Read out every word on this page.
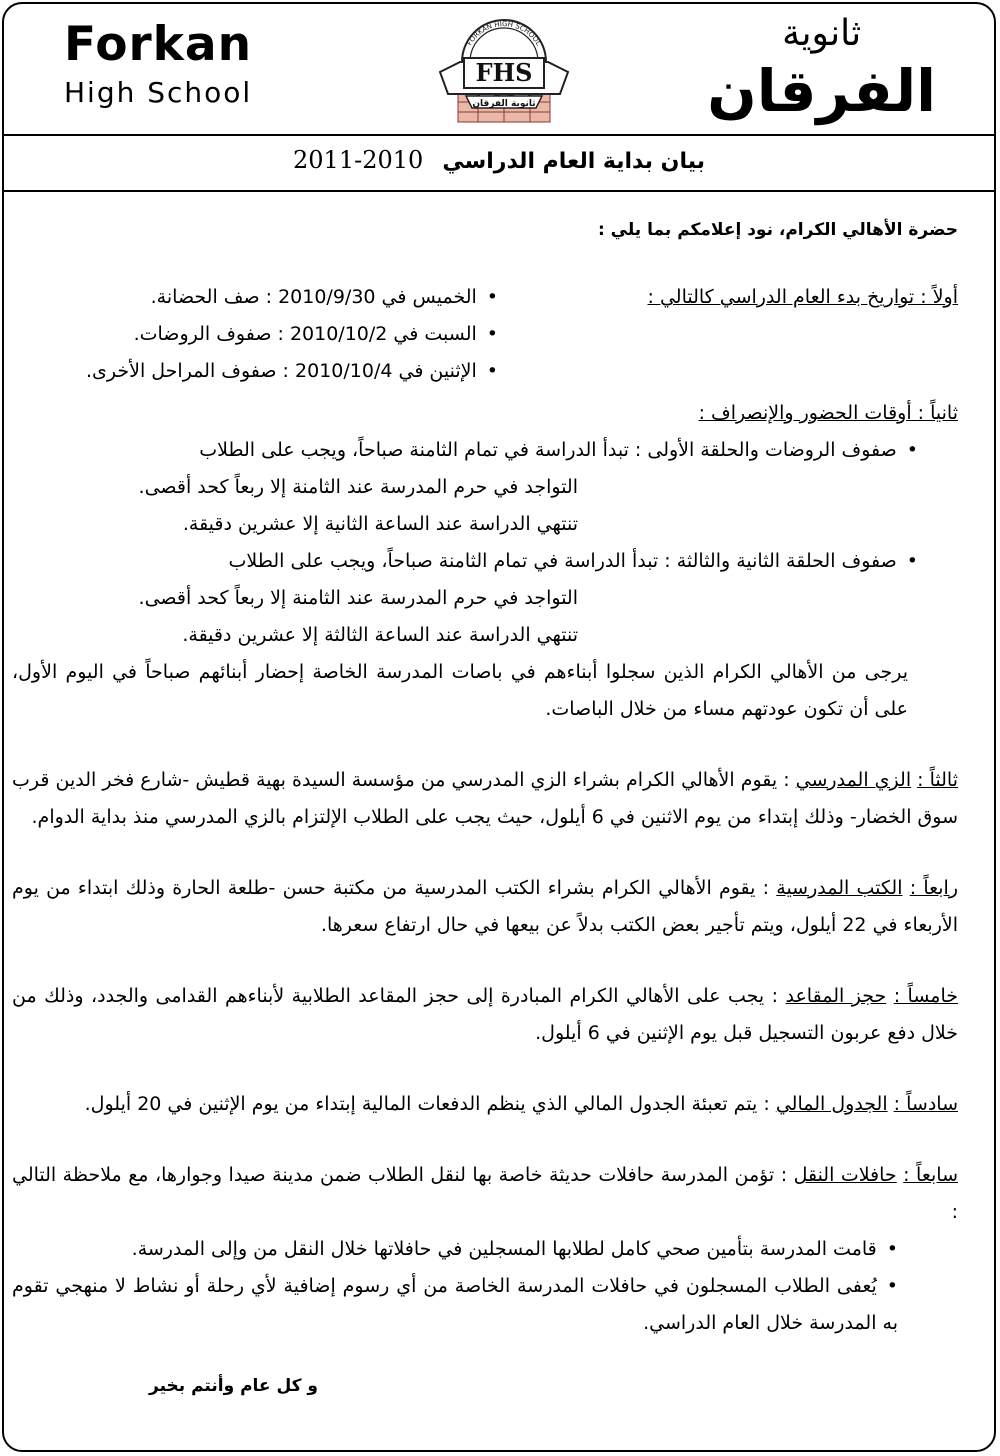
Forkan
High School
FHS
FORKAN HIGH SCHOOL
ثانوية الفرقان
ثانوية
الفرقان
2011-2010 بيان بداية العام الدراسي

حضرة الأهالي الكرام، نود إعلامكم بما يلي :

أولاً : تواريخ بدء العام الدراسي كالتالي :
• الخميس في 2010/9/30 : صف الحضانة.
• السبت في 2010/10/2 : صفوف الروضات.
• الإثنين في 2010/10/4 : صفوف المراحل الأخرى.
ثانياً : أوقات الحضور والإنصراف :
• صفوف الروضات والحلقة الأولى : تبدأ الدراسة في تمام الثامنة صباحاً، ويجب على الطلاب
التواجد في حرم المدرسة عند الثامنة إلا ربعاً كحد أقصى.
تنتهي الدراسة عند الساعة الثانية إلا عشرين دقيقة.
• صفوف الحلقة الثانية والثالثة : تبدأ الدراسة في تمام الثامنة صباحاً، ويجب على الطلاب
التواجد في حرم المدرسة عند الثامنة إلا ربعاً كحد أقصى.
تنتهي الدراسة عند الساعة الثالثة إلا عشرين دقيقة.

يرجى من الأهالي الكرام الذين سجلوا أبناءهم في باصات المدرسة الخاصة إحضار أبنائهم صباحاً في اليوم الأول، على أن تكون عودتهم مساء من خلال الباصات.

ثالثاً : الزي المدرسي : يقوم الأهالي الكرام بشراء الزي المدرسي من مؤسسة السيدة بهية قطيش -شارع فخر الدين قرب سوق الخضار- وذلك إبتداء من يوم الاثنين في 6 أيلول، حيث يجب على الطلاب الإلتزام بالزي المدرسي منذ بداية الدوام.

رابعاً : الكتب المدرسية : يقوم الأهالي الكرام بشراء الكتب المدرسية من مكتبة حسن -طلعة الحارة وذلك ابتداء من يوم الأربعاء في 22 أيلول، ويتم تأجير بعض الكتب بدلاً عن بيعها في حال ارتفاع سعرها.

خامساً : حجز المقاعد : يجب على الأهالي الكرام المبادرة إلى حجز المقاعد الطلابية لأبناءهم القدامى والجدد، وذلك من خلال دفع عربون التسجيل قبل يوم الإثنين في 6 أيلول.

سادساً : الجدول المالي : يتم تعبئة الجدول المالي الذي ينظم الدفعات المالية إبتداء من يوم الإثنين في 20 أيلول.

سابعاً : حافلات النقل : تؤمن المدرسة حافلات حديثة خاصة بها لنقل الطلاب ضمن مدينة صيدا وجوارها، مع ملاحظة التالي :

• قامت المدرسة بتأمين صحي كامل لطلابها المسجلين في حافلاتها خلال النقل من وإلى المدرسة.
• يُعفى الطلاب المسجلون في حافلات المدرسة الخاصة من أي رسوم إضافية لأي رحلة أو نشاط لا منهجي تقوم به المدرسة خلال العام الدراسي.
و كل عام وأنتم بخير
